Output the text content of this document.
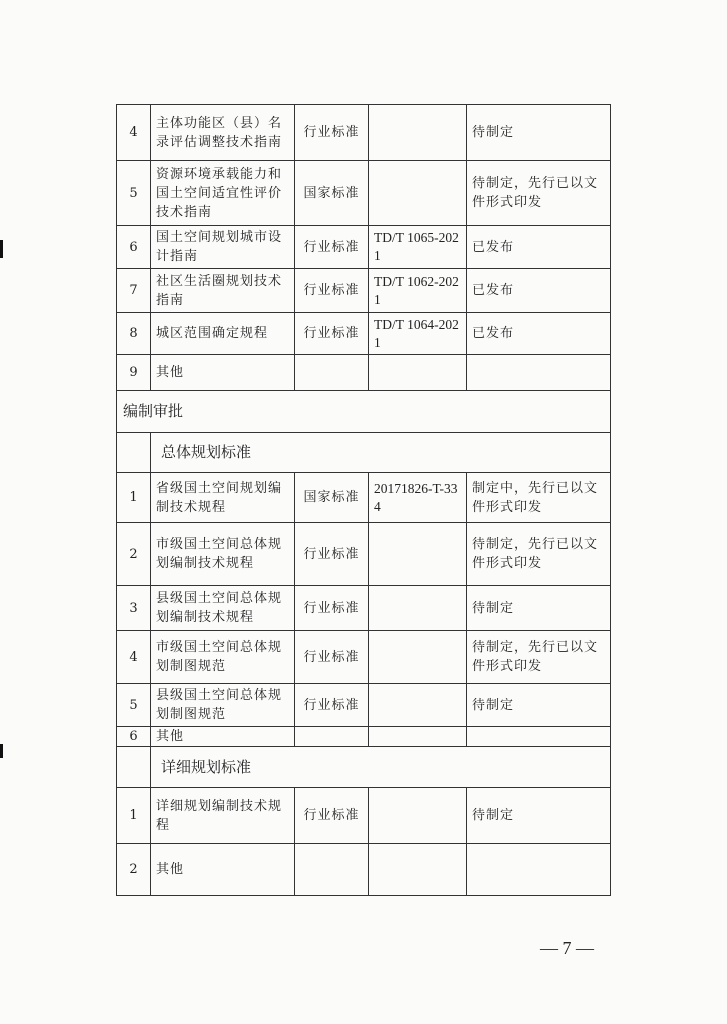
4	主体功能区（县）名录评估调整技术指南	行业标准		待制定
5	资源环境承载能力和国土空间适宜性评价技术指南	国家标准		待制定，先行已以文件形式印发
6	国土空间规划城市设计指南	行业标准	TD/T 1065-2021	已发布
7	社区生活圈规划技术指南	行业标准	TD/T 1062-2021	已发布
8	城区范围确定规程	行业标准	TD/T 1064-2021	已发布
9	其他			
编制审批				
	总体规划标准			
1	省级国土空间规划编制技术规程	国家标准	20171826-T-334	制定中，先行已以文件形式印发
2	市级国土空间总体规划编制技术规程	行业标准		待制定，先行已以文件形式印发
3	县级国土空间总体规划编制技术规程	行业标准		待制定
4	市级国土空间总体规划制图规范	行业标准		待制定，先行已以文件形式印发
5	县级国土空间总体规划制图规范	行业标准		待制定
6	其他			
	详细规划标准			
1	详细规划编制技术规程	行业标准		待制定
2	其他			
— 7 —
